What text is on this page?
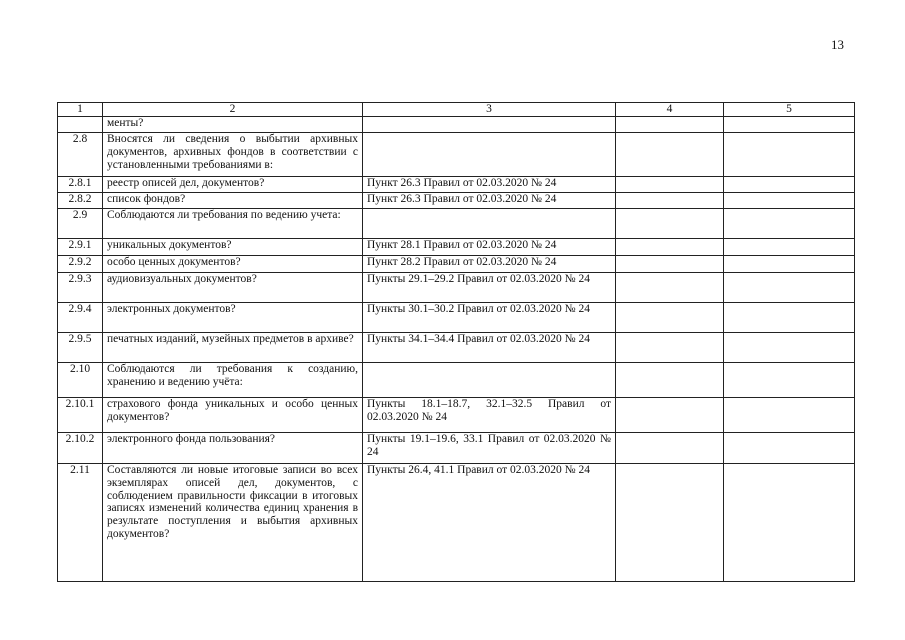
13
1	2	3	4	5
	менты?			
2.8	Вносятся ли сведения о выбытии архивных документов, архивных фондов в соответствии с установленными требованиями в:			
2.8.1	реестр описей дел, документов?	Пункт 26.3 Правил от 02.03.2020 № 24		
2.8.2	список фондов?	Пункт 26.3 Правил от 02.03.2020 № 24		
2.9	Соблюдаются ли требования по ведению учета:			
2.9.1	уникальных документов?	Пункт 28.1 Правил от 02.03.2020 № 24		
2.9.2	особо ценных документов?	Пункт 28.2 Правил от 02.03.2020 № 24		
2.9.3	аудиовизуальных документов?	Пункты 29.1–29.2 Правил от 02.03.2020 № 24		
2.9.4	электронных документов?	Пункты 30.1–30.2 Правил от 02.03.2020 № 24		
2.9.5	печатных изданий, музейных предметов в архиве?	Пункты 34.1–34.4 Правил от 02.03.2020 № 24		
2.10	Соблюдаются ли требования к созданию, хранению и ведению учёта:			
2.10.1	страхового фонда уникальных и особо ценных документов?	Пункты 18.1–18.7, 32.1–32.5 Правил от 02.03.2020 № 24		
2.10.2	электронного фонда пользования?	Пункты 19.1–19.6, 33.1 Правил от 02.03.2020 № 24		
2.11	Составляются ли новые итоговые записи во всех экземплярах описей дел, документов, с соблюдением правильности фиксации в итоговых записях изменений количества единиц хранения в результате поступления и выбытия архивных документов?	Пункты 26.4, 41.1 Правил от 02.03.2020 № 24		
